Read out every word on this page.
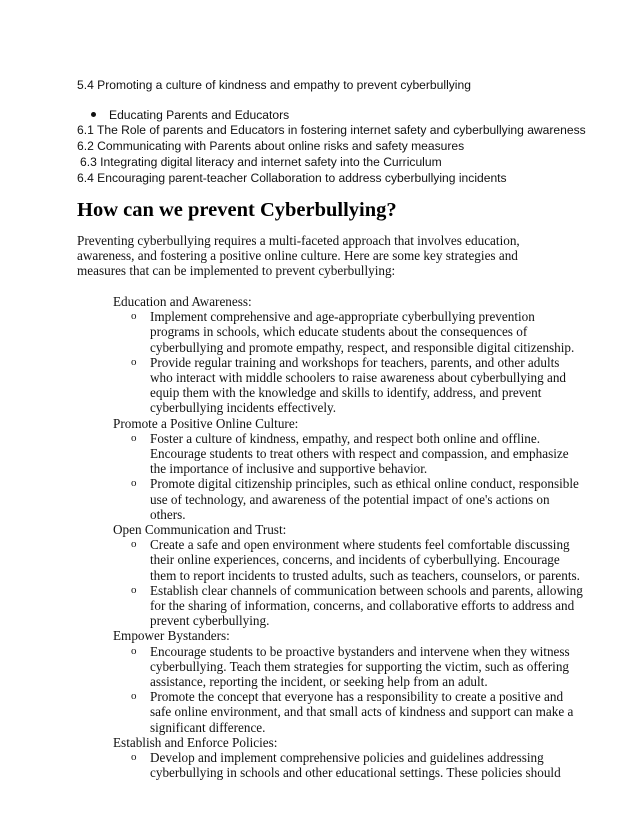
5.4 Promoting a culture of kindness and empathy to prevent cyberbullying
Educating Parents and Educators
6.1 The Role of parents and Educators in fostering internet safety and cyberbullying awareness
6.2 Communicating with Parents about online risks and safety measures
6.3 Integrating digital literacy and internet safety into the Curriculum
6.4 Encouraging parent-teacher Collaboration to address cyberbullying incidents
How can we prevent Cyberbullying?

Preventing cyberbullying requires a multi-faceted approach that involves education, awareness, and fostering a positive online culture. Here are some key strategies and measures that can be implemented to prevent cyberbullying:

Education and Awareness:
o Implement comprehensive and age-appropriate cyberbullying prevention programs in schools, which educate students about the consequences of cyberbullying and promote empathy, respect, and responsible digital citizenship.
o Provide regular training and workshops for teachers, parents, and other adults who interact with middle schoolers to raise awareness about cyberbullying and equip them with the knowledge and skills to identify, address, and prevent cyberbullying incidents effectively.
Promote a Positive Online Culture:
o Foster a culture of kindness, empathy, and respect both online and offline. Encourage students to treat others with respect and compassion, and emphasize the importance of inclusive and supportive behavior.
o Promote digital citizenship principles, such as ethical online conduct, responsible use of technology, and awareness of the potential impact of one's actions on others.
Open Communication and Trust:
o Create a safe and open environment where students feel comfortable discussing their online experiences, concerns, and incidents of cyberbullying. Encourage them to report incidents to trusted adults, such as teachers, counselors, or parents.
o Establish clear channels of communication between schools and parents, allowing for the sharing of information, concerns, and collaborative efforts to address and prevent cyberbullying.
Empower Bystanders:
o Encourage students to be proactive bystanders and intervene when they witness cyberbullying. Teach them strategies for supporting the victim, such as offering assistance, reporting the incident, or seeking help from an adult.
o Promote the concept that everyone has a responsibility to create a positive and safe online environment, and that small acts of kindness and support can make a significant difference.
Establish and Enforce Policies:
o Develop and implement comprehensive policies and guidelines addressing cyberbullying in schools and other educational settings. These policies should
